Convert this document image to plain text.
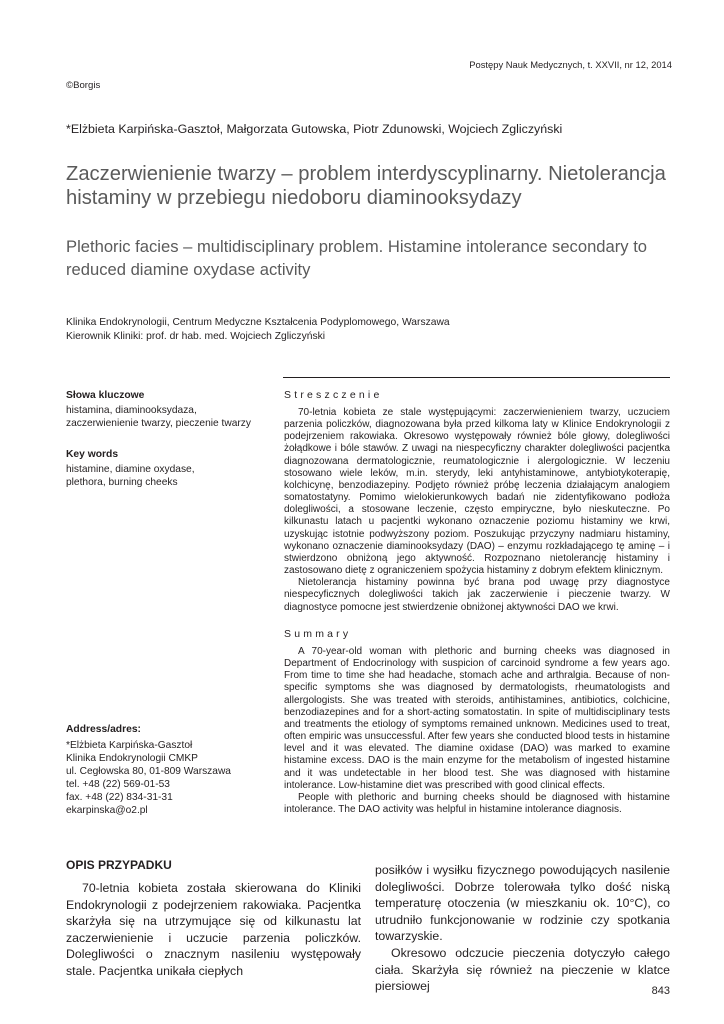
Postępy Nauk Medycznych, t. XXVII, nr 12, 2014
©Borgis
*Elżbieta Karpińska-Gasztoł, Małgorzata Gutowska, Piotr Zdunowski, Wojciech Zgliczyński
Zaczerwienienie twarzy – problem interdyscyplinarny. Nietolerancja histaminy w przebiegu niedoboru diaminooksydazy
Plethoric facies – multidisciplinary problem. Histamine intolerance secondary to reduced diamine oxydase activity
Klinika Endokrynologii, Centrum Medyczne Kształcenia Podyplomowego, Warszawa
Kierownik Kliniki: prof. dr hab. med. Wojciech Zgliczyński
Słowa kluczowe
histamina, diaminooksydaza, zaczerwienienie twarzy, pieczenie twarzy
Key words
histamine, diamine oxydase, plethora, burning cheeks
Address/adres:
*Elżbieta Karpińska-Gasztoł
Klinika Endokrynologii CMKP
ul. Cegłowska 80, 01-809 Warszawa
tel. +48 (22) 569-01-53
fax. +48 (22) 834-31-31
ekarpinska@o2.pl
Streszczenie

70-letnia kobieta ze stale występującymi: zaczerwienieniem twarzy, uczuciem parzenia policzków, diagnozowana była przed kilkoma laty w Klinice Endokrynologii z podejrzeniem rakowiaka. Okresowo występowały również bóle głowy, dolegliwości żołądkowe i bóle stawów. Z uwagi na niespecyficzny charakter dolegliwości pacjentka diagnozowana dermatologicznie, reumatologicznie i alergologicznie. W leczeniu stosowano wiele leków, m.in. sterydy, leki antyhistaminowe, antybiotykoterapię, kolchicynę, benzodiazepiny. Podjęto również próbę leczenia działającym analogiem somatostatyny. Pomimo wielokierunkowych badań nie zidentyfikowano podłoża dolegliwości, a stosowane leczenie, często empiryczne, było nieskuteczne. Po kilkunastu latach u pacjentki wykonano oznaczenie poziomu histaminy we krwi, uzyskując istotnie podwyższony poziom. Poszukując przyczyny nadmiaru histaminy, wykonano oznaczenie diaminooksydazy (DAO) – enzymu rozkładającego tę aminę – i stwierdzono obniżoną jego aktywność. Rozpoznano nietolerancję histaminy i zastosowano dietę z ograniczeniem spożycia histaminy z dobrym efektem klinicznym.

Nietolerancja histaminy powinna być brana pod uwagę przy diagnostyce niespecyficznych dolegliwości takich jak zaczerwienie i pieczenie twarzy. W diagnostyce pomocne jest stwierdzenie obniżonej aktywności DAO we krwi.

Summary

A 70-year-old woman with plethoric and burning cheeks was diagnosed in Department of Endocrinology with suspicion of carcinoid syndrome a few years ago. From time to time she had headache, stomach ache and arthralgia. Because of non-specific symptoms she was diagnosed by dermatologists, rheumatologists and allergologists. She was treated with steroids, antihistamines, antibiotics, colchicine, benzodiazepines and for a short-acting somatostatin. In spite of multidisciplinary tests and treatments the etiology of symptoms remained unknown. Medicines used to treat, often empiric was unsuccessful. After few years she conducted blood tests in histamine level and it was elevated. The diamine oxidase (DAO) was marked to examine histamine excess. DAO is the main enzyme for the metabolism of ingested histamine and it was undetectable in her blood test. She was diagnosed with histamine intolerance. Low-histamine diet was prescribed with good clinical effects.

People with plethoric and burning cheeks should be diagnosed with histamine intolerance. The DAO activity was helpful in histamine intolerance diagnosis.

OPIS PRZYPADKU

70-letnia kobieta została skierowana do Kliniki Endokrynologii z podejrzeniem rakowiaka. Pacjentka skarżyła się na utrzymujące się od kilkunastu lat zaczerwienienie i uczucie parzenia policzków. Dolegliwości o znacznym nasileniu występowały stale. Pacjentka unikała ciepłych

posiłków i wysiłku fizycznego powodujących nasilenie dolegliwości. Dobrze tolerowała tylko dość niską temperaturę otoczenia (w mieszkaniu ok. 10°C), co utrudniło funkcjonowanie w rodzinie czy spotkania towarzyskie.

Okresowo odczucie pieczenia dotyczyło całego ciała. Skarżyła się również na pieczenie w klatce piersiowej	843
